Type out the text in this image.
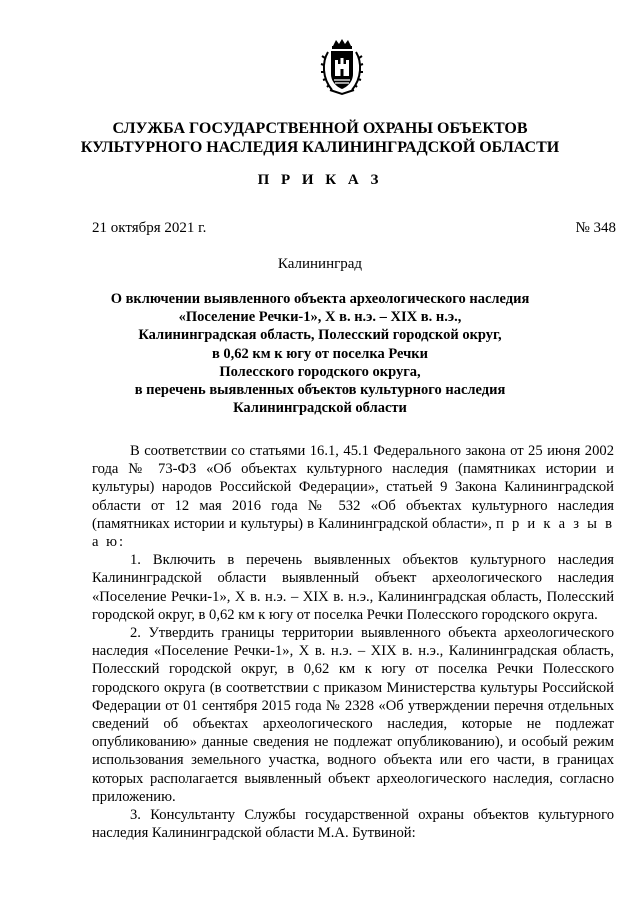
СЛУЖБА ГОСУДАРСТВЕННОЙ ОХРАНЫ ОБЪЕКТОВ
КУЛЬТУРНОГО НАСЛЕДИЯ КАЛИНИНГРАДСКОЙ ОБЛАСТИ
П Р И К А З
21 октября 2021 г.	№ 348
Калининград
О включении выявленного объекта археологического наследия
«Поселение Речки-1», X в. н.э. – XIX в. н.э.,
Калининградская область, Полесский городской округ,
в 0,62 км к югу от поселка Речки
Полесского городского округа,
в перечень выявленных объектов культурного наследия
Калининградской области

В соответствии со статьями 16.1, 45.1 Федерального закона от 25 июня 2002 года № 73-ФЗ «Об объектах культурного наследия (памятниках истории и культуры) народов Российской Федерации», статьей 9 Закона Калининградской области от 12 мая 2016 года № 532 «Об объектах культурного наследия (памятниках истории и культуры) в Калининградской области», п р и к а з ы в а ю:

1. Включить в перечень выявленных объектов культурного наследия Калининградской области выявленный объект археологического наследия «Поселение Речки-1», X в. н.э. – XIX в. н.э., Калининградская область, Полесский городской округ, в 0,62 км к югу от поселка Речки Полесского городского округа.

2. Утвердить границы территории выявленного объекта археологического наследия «Поселение Речки-1», X в. н.э. – XIX в. н.э., Калининградская область, Полесский городской округ, в 0,62 км к югу от поселка Речки Полесского городского округа (в соответствии с приказом Министерства культуры Российской Федерации от 01 сентября 2015 года № 2328 «Об утверждении перечня отдельных сведений об объектах археологического наследия, которые не подлежат опубликованию» данные сведения не подлежат опубликованию), и особый режим использования земельного участка, водного объекта или его части, в границах которых располагается выявленный объект археологического наследия, согласно приложению.

3. Консультанту Службы государственной охраны объектов культурного наследия Калининградской области М.А. Бутвиной:
